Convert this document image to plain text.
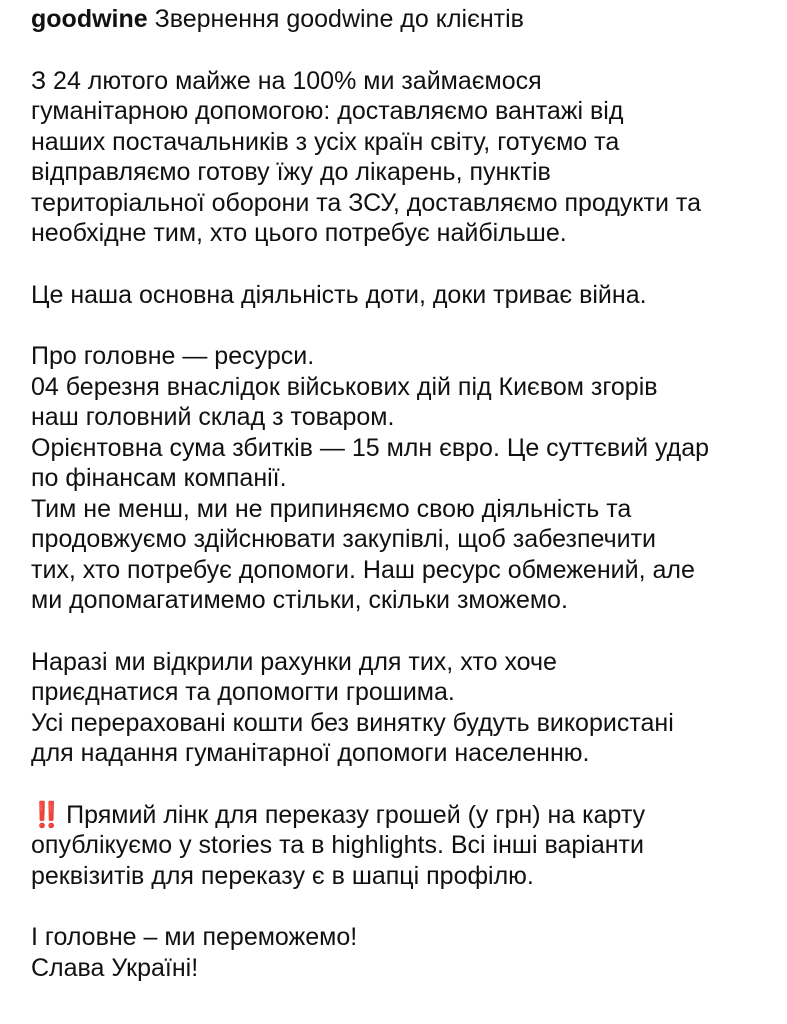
goodwine Звернення goodwine до клієнтів
З 24 лютого майже на 100% ми займаємося
гуманітарною допомогою: доставляємо вантажі від
наших постачальників з усіх країн світу, готуємо та
відправляємо готову їжу до лікарень, пунктів
територіальної оборони та ЗСУ, доставляємо продукти та
необхідне тим, хто цього потребує найбільше.
Це наша основна діяльність доти, доки триває війна.
Про головне — ресурси.
04 березня внаслідок військових дій під Києвом згорів
наш головний склад з товаром.
Орієнтовна сума збитків — 15 млн євро. Це суттєвий удар
по фінансам компанії.
Тим не менш, ми не припиняємо свою діяльність та
продовжуємо здійснювати закупівлі, щоб забезпечити
тих, хто потребує допомоги. Наш ресурс обмежений, але
ми допомагатимемо стільки, скільки зможемо.
Наразі ми відкрили рахунки для тих, хто хоче
приєднатися та допомогти грошима.
Усі перераховані кошти без винятку будуть використані
для надання гуманітарної допомоги населенню.
‼️ Прямий лінк для переказу грошей (у грн) на карту
опублікуємо у stories та в highlights. Всі інші варіанти
реквізитів для переказу є в шапці профілю.
І головне – ми переможемо!
Слава Україні!
